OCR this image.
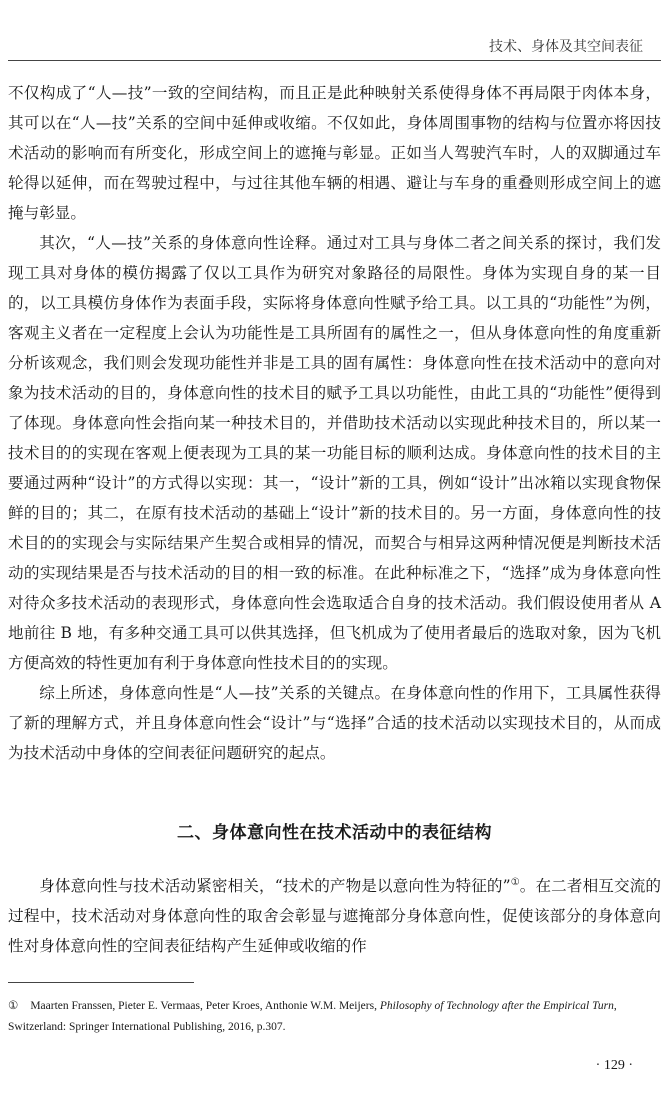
技术、身体及其空间表征

不仅构成了“人—技”一致的空间结构，而且正是此种映射关系使得身体不再局限于肉体本身，其可以在“人—技”关系的空间中延伸或收缩。不仅如此，身体周围事物的结构与位置亦将因技术活动的影响而有所变化，形成空间上的遮掩与彰显。正如当人驾驶汽车时，人的双脚通过车轮得以延伸，而在驾驶过程中，与过往其他车辆的相遇、避让与车身的重叠则形成空间上的遮掩与彰显。

其次，“人—技”关系的身体意向性诠释。通过对工具与身体二者之间关系的探讨，我们发现工具对身体的模仿揭露了仅以工具作为研究对象路径的局限性。身体为实现自身的某一目的，以工具模仿身体作为表面手段，实际将身体意向性赋予给工具。以工具的“功能性”为例，客观主义者在一定程度上会认为功能性是工具所固有的属性之一，但从身体意向性的角度重新分析该观念，我们则会发现功能性并非是工具的固有属性：身体意向性在技术活动中的意向对象为技术活动的目的，身体意向性的技术目的赋予工具以功能性，由此工具的“功能性”便得到了体现。身体意向性会指向某一种技术目的，并借助技术活动以实现此种技术目的，所以某一技术目的的实现在客观上便表现为工具的某一功能目标的顺利达成。身体意向性的技术目的主要通过两种“设计”的方式得以实现：其一，“设计”新的工具，例如“设计”出冰箱以实现食物保鲜的目的；其二，在原有技术活动的基础上“设计”新的技术目的。另一方面，身体意向性的技术目的的实现会与实际结果产生契合或相异的情况，而契合与相异这两种情况便是判断技术活动的实现结果是否与技术活动的目的相一致的标准。在此种标准之下，“选择”成为身体意向性对待众多技术活动的表现形式，身体意向性会选取适合自身的技术活动。我们假设使用者从 A 地前往 B 地，有多种交通工具可以供其选择，但飞机成为了使用者最后的选取对象，因为飞机方便高效的特性更加有利于身体意向性技术目的的实现。

综上所述，身体意向性是“人—技”关系的关键点。在身体意向性的作用下，工具属性获得了新的理解方式，并且身体意向性会“设计”与“选择”合适的技术活动以实现技术目的，从而成为技术活动中身体的空间表征问题研究的起点。

二、身体意向性在技术活动中的表征结构

身体意向性与技术活动紧密相关，“技术的产物是以意向性为特征的”①。在二者相互交流的过程中，技术活动对身体意向性的取舍会彰显与遮掩部分身体意向性，促使该部分的身体意向性对身体意向性的空间表征结构产生延伸或收缩的作

① Maarten Franssen, Pieter E. Vermaas, Peter Kroes, Anthonie W.M. Meijers, Philosophy of Technology after the Empirical Turn, Switzerland: Springer International Publishing, 2016, p.307.
· 129 ·
